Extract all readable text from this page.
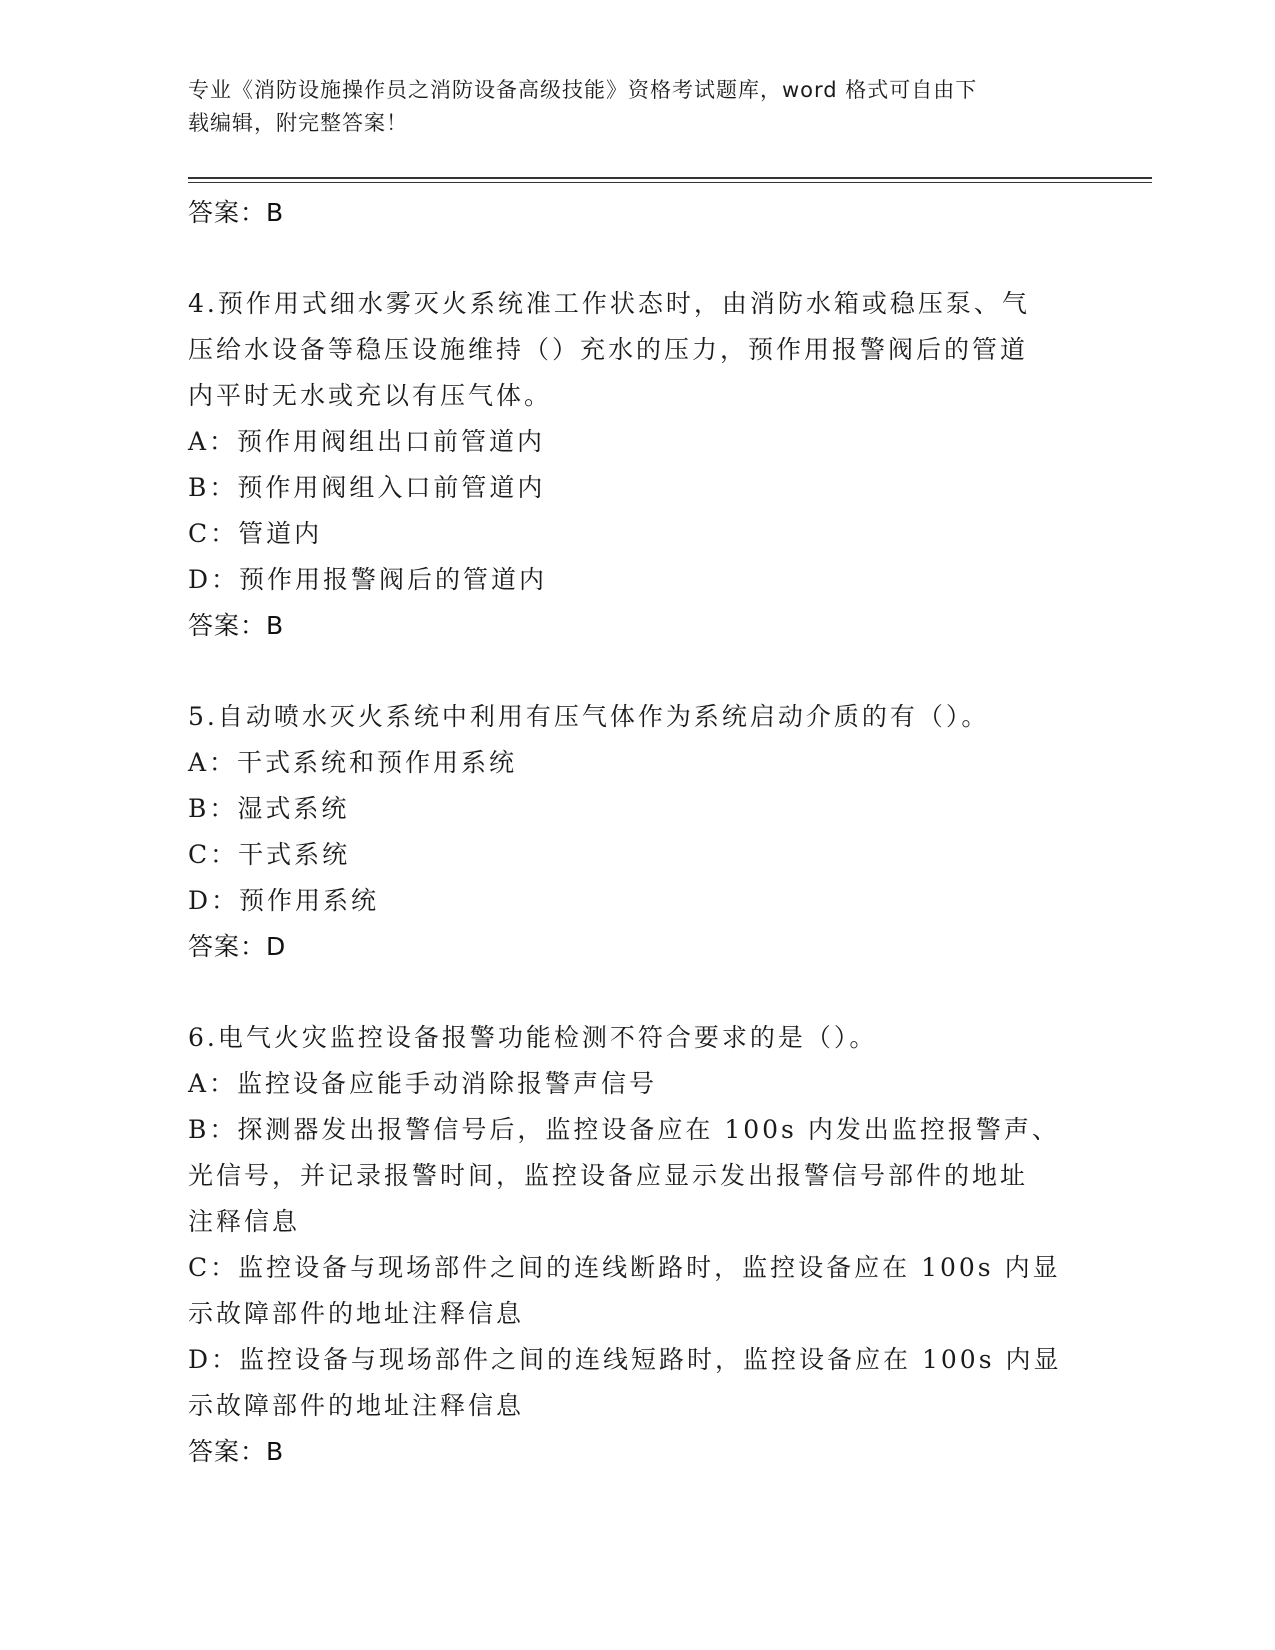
专业《消防设施操作员之消防设备高级技能》资格考试题库，word 格式可自由下
载编辑，附完整答案！

答案：B

4.预作用式细水雾灭火系统准工作状态时，由消防水箱或稳压泵、气

压给水设备等稳压设施维持（）充水的压力，预作用报警阀后的管道

内平时无水或充以有压气体。

A：预作用阀组出口前管道内

B：预作用阀组入口前管道内

C：管道内

D：预作用报警阀后的管道内

答案：B

5.自动喷水灭火系统中利用有压气体作为系统启动介质的有（）。

A：干式系统和预作用系统

B：湿式系统

C：干式系统

D：预作用系统

答案：D

6.电气火灾监控设备报警功能检测不符合要求的是（）。

A：监控设备应能手动消除报警声信号

B：探测器发出报警信号后，监控设备应在 100s 内发出监控报警声、

光信号，并记录报警时间，监控设备应显示发出报警信号部件的地址

注释信息

C：监控设备与现场部件之间的连线断路时，监控设备应在 100s 内显

示故障部件的地址注释信息

D：监控设备与现场部件之间的连线短路时，监控设备应在 100s 内显

示故障部件的地址注释信息

答案：B
